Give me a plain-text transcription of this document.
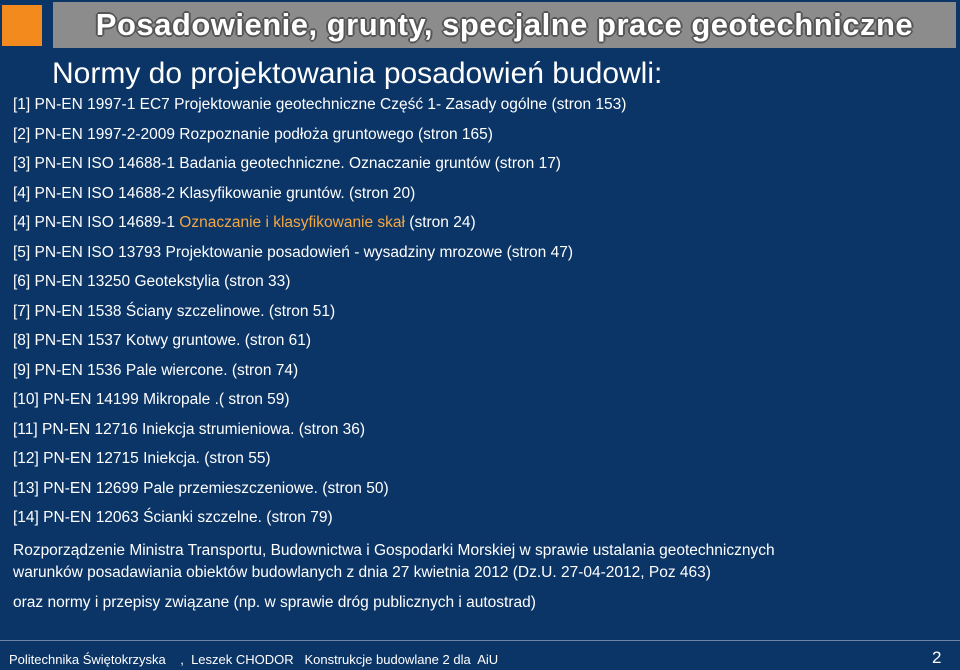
Posadowienie, grunty, specjalne prace geotechniczne
Normy do projektowania posadowień budowli:
[1] PN-EN 1997-1 EC7 Projektowanie geotechniczne Część 1- Zasady ogólne (stron 153)
[2] PN-EN 1997-2-2009 Rozpoznanie podłoża gruntowego (stron 165)
[3] PN-EN ISO 14688-1 Badania geotechniczne. Oznaczanie gruntów (stron 17)
[4] PN-EN ISO 14688-2 Klasyfikowanie gruntów. (stron 20)
[4] PN-EN ISO 14689-1 Oznaczanie i klasyfikowanie skał (stron 24)
[5] PN-EN ISO 13793 Projektowanie posadowień - wysadziny mrozowe (stron 47)
[6] PN-EN 13250 Geotekstylia (stron 33)
[7] PN-EN 1538 Ściany szczelinowe. (stron 51)
[8] PN-EN 1537 Kotwy gruntowe. (stron 61)
[9] PN-EN 1536 Pale wiercone. (stron 74)
[10] PN-EN 14199 Mikropale .( stron 59)
[11] PN-EN 12716 Iniekcja strumieniowa. (stron 36)
[12] PN-EN 12715 Iniekcja. (stron 55)
[13] PN-EN 12699 Pale przemieszczeniowe. (stron 50)
[14] PN-EN 12063 Ścianki szczelne. (stron 79)
Rozporządzenie Ministra Transportu, Budownictwa i Gospodarki Morskiej w sprawie ustalania geotechnicznych
warunków posadawiania obiektów budowlanych z dnia 27 kwietnia 2012 (Dz.U. 27-04-2012, Poz 463)
oraz normy i przepisy związane (np. w sprawie dróg publicznych i autostrad)
Politechnika Świętokrzyska    ,  Leszek CHODOR   Konstrukcje budowlane 2 dla  AiU	2
